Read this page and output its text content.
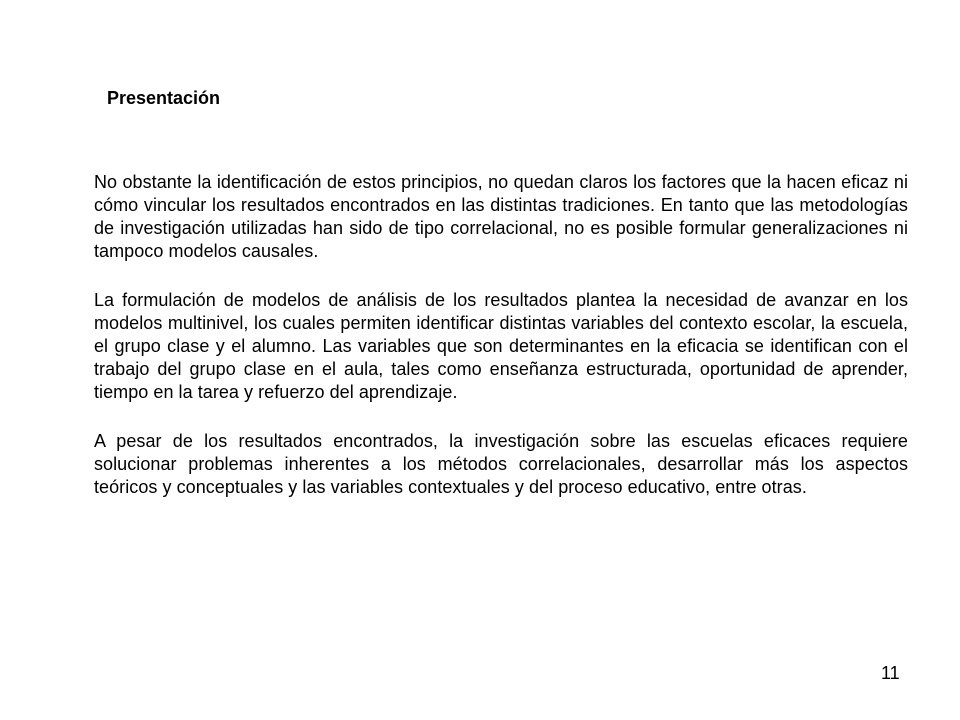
Presentación

No obstante la identificación de estos principios, no quedan claros los factores que la hacen eficaz ni cómo vincular los resultados encontrados en las distintas tradiciones. En tanto que las metodologías de investigación utilizadas han sido de tipo correlacional, no es posible formular generalizaciones ni tampoco modelos causales.

La formulación de modelos de análisis de los resultados plantea la necesidad de avanzar en los modelos multinivel, los cuales permiten identificar distintas variables del contexto escolar, la escuela, el grupo clase y el alumno. Las variables que son determinantes en la eficacia se identifican con el trabajo del grupo clase en el aula, tales como enseñanza estructurada, oportunidad de aprender, tiempo en la tarea y refuerzo del aprendizaje.

A pesar de los resultados encontrados, la investigación sobre las escuelas eficaces requiere solucionar problemas inherentes a los métodos correlacionales, desarrollar más los aspectos teóricos y conceptuales y las variables contextuales y del proceso educativo, entre otras.

11
